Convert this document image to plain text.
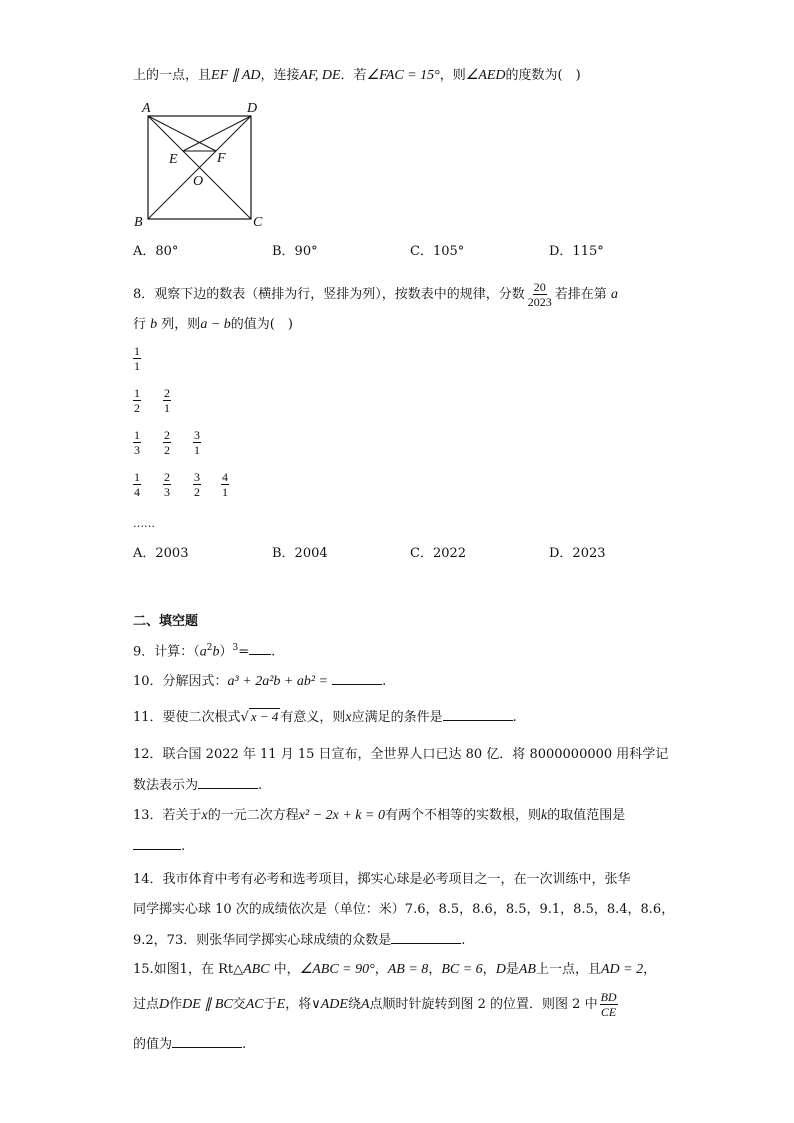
上的一点，且EF ∥ AD，连接AF, DE．若∠FAC = 15°，则∠AED的度数为(　)
A	D
B	C
E	F
O
A．80°	B．90°	C．105°	D．115°
8．观察下边的数表（横排为行，竖排为列），按数表中的规律，分数 $\frac{20}{2023}$ 若排在第 a
行 b 列，则a − b的值为(　)
$\frac{1}{1}$
$\frac{1}{2} \frac{2}{1}$
$\frac{1}{3} \frac{2}{2} \frac{3}{1}$
$\frac{1}{4} \frac{2}{3} \frac{3}{2} \frac{4}{1}$
……
A．2003	B．2004	C．2022	D．2023
二、填空题
9．计算：$(a^2b)^3=$ .
10．分解因式：a³ + 2a²b + ab² =	.
11．要使二次根式√ x − 4 有意义，则x应满足的条件是	.
12．联合国 2022 年 11 月 15 日宣布，全世界人口已达 80 亿．将 8000000000 用科学记
数法表示为	.
13．若关于x的一元二次方程x² − 2x + k = 0有两个不相等的实数根，则k的取值范围是
.
14．我市体育中考有必考和选考项目，掷实心球是必考项目之一，在一次训练中，张华
同学掷实心球 10 次的成绩依次是（单位：米）7.6，8.5，8.6，8.5，9.1，8.5，8.4，8.6，
9.2，73．则张华同学掷实心球成绩的众数是	.
15.如图1，在 Rt△ABC 中，∠ABC = 90°，AB = 8，BC = 6，D是AB上一点，且AD = 2，
过点D作DE ∥ BC交AC于E，将∨ADE绕A点顺时针旋转到图 2 的位置．则图 2 中 $\frac{BD}{CE}$
的值为	.
